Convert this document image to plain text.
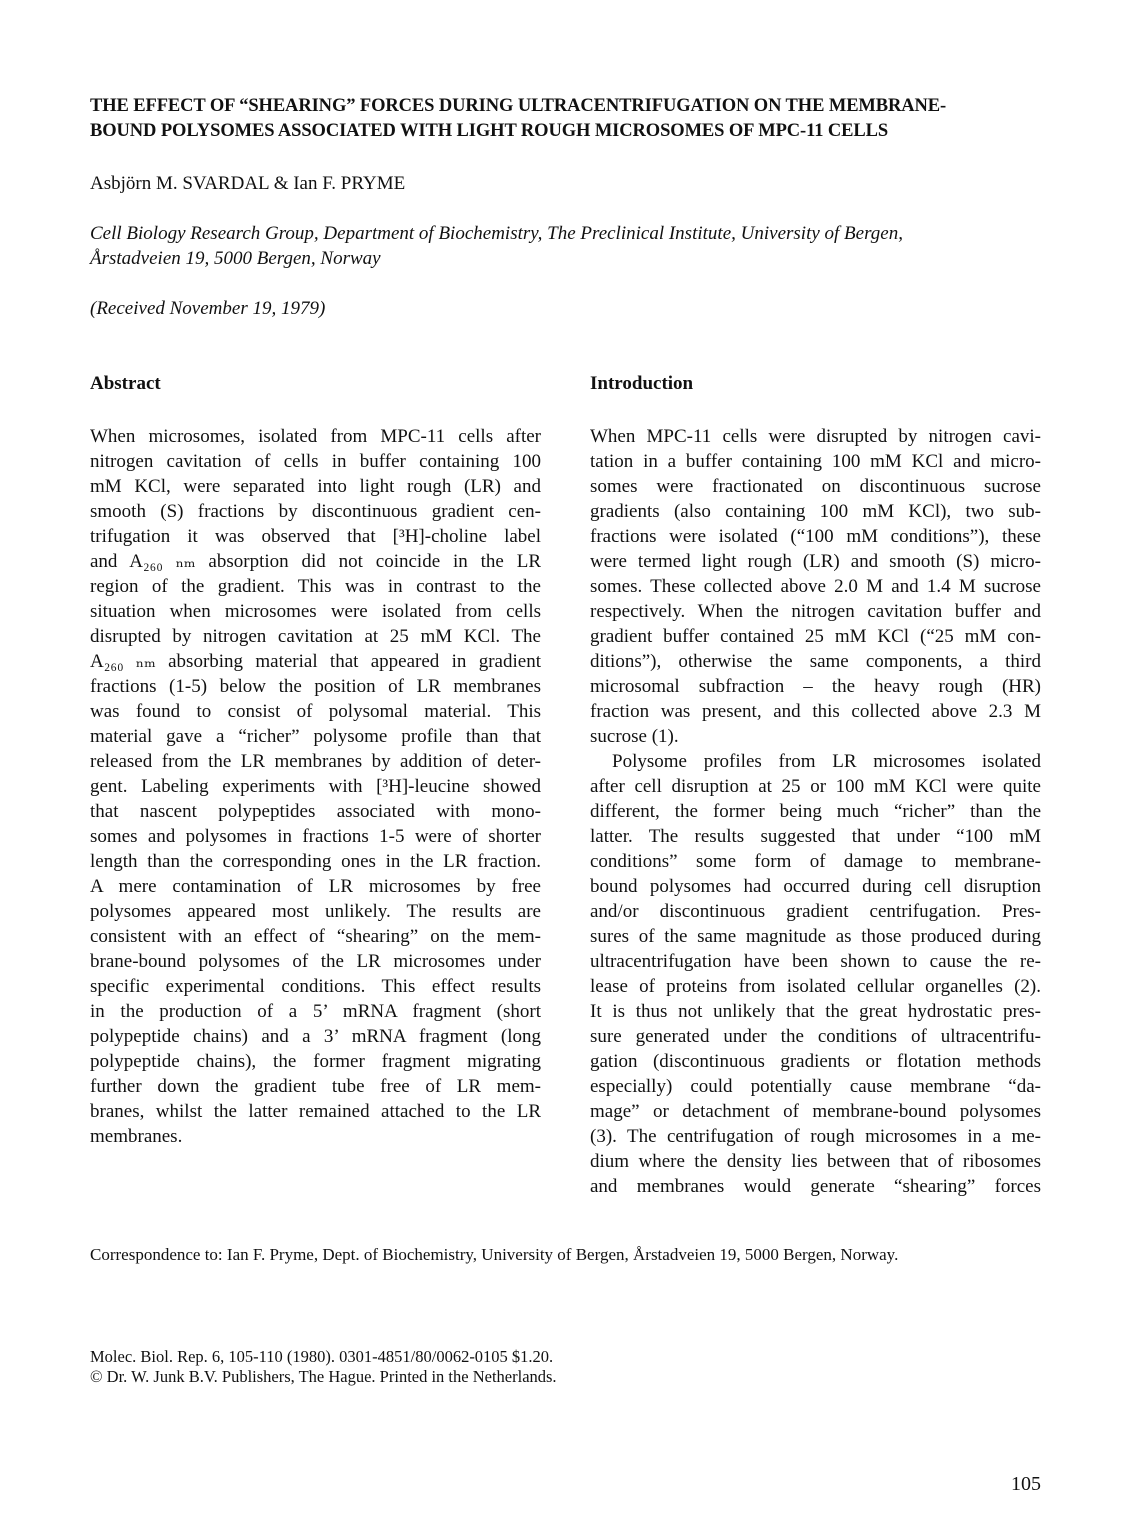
THE EFFECT OF “SHEARING” FORCES DURING ULTRACENTRIFUGATION ON THE MEMBRANE-
BOUND POLYSOMES ASSOCIATED WITH LIGHT ROUGH MICROSOMES OF MPC-11 CELLS

Asbjörn M. SVARDAL & Ian F. PRYME

Cell Biology Research Group, Department of Biochemistry, The Preclinical Institute, University of Bergen,
Årstadveien 19, 5000 Bergen, Norway
(Received November 19, 1979)
Abstract	Introduction
When microsomes, isolated from MPC-11 cells after
nitrogen cavitation of cells in buffer containing 100
mM KCl, were separated into light rough (LR) and
smooth (S) fractions by discontinuous gradient cen-
trifugation it was observed that [³H]-choline label
and A₂₆₀ ₙₘ absorption did not coincide in the LR
region of the gradient. This was in contrast to the
situation when microsomes were isolated from cells
disrupted by nitrogen cavitation at 25 mM KCl. The
A₂₆₀ ₙₘ absorbing material that appeared in gradient
fractions (1-5) below the position of LR membranes
was found to consist of polysomal material. This
material gave a “richer” polysome profile than that
released from the LR membranes by addition of deter-
gent. Labeling experiments with [³H]-leucine showed
that nascent polypeptides associated with mono-
somes and polysomes in fractions 1-5 were of shorter
length than the corresponding ones in the LR fraction.
A mere contamination of LR microsomes by free
polysomes appeared most unlikely. The results are
consistent with an effect of “shearing” on the mem-
brane-bound polysomes of the LR microsomes under
specific experimental conditions. This effect results
in the production of a 5’ mRNA fragment (short
polypeptide chains) and a 3’ mRNA fragment (long
polypeptide chains), the former fragment migrating
further down the gradient tube free of LR mem-
branes, whilst the latter remained attached to the LR
membranes.
When MPC-11 cells were disrupted by nitrogen cavi-
tation in a buffer containing 100 mM KCl and micro-
somes were fractionated on discontinuous sucrose
gradients (also containing 100 mM KCl), two sub-
fractions were isolated (“100 mM conditions”), these
were termed light rough (LR) and smooth (S) micro-
somes. These collected above 2.0 M and 1.4 M sucrose
respectively. When the nitrogen cavitation buffer and
gradient buffer contained 25 mM KCl (“25 mM con-
ditions”), otherwise the same components, a third
microsomal subfraction – the heavy rough (HR)
fraction was present, and this collected above 2.3 M
sucrose (1).
Polysome profiles from LR microsomes isolated
after cell disruption at 25 or 100 mM KCl were quite
different, the former being much “richer” than the
latter. The results suggested that under “100 mM
conditions” some form of damage to membrane-
bound polysomes had occurred during cell disruption
and/or discontinuous gradient centrifugation. Pres-
sures of the same magnitude as those produced during
ultracentrifugation have been shown to cause the re-
lease of proteins from isolated cellular organelles (2).
It is thus not unlikely that the great hydrostatic pres-
sure generated under the conditions of ultracentrifu-
gation (discontinuous gradients or flotation methods
especially) could potentially cause membrane “da-
mage” or detachment of membrane-bound polysomes
(3). The centrifugation of rough microsomes in a me-
dium where the density lies between that of ribosomes
and membranes would generate “shearing” forces
Correspondence to: Ian F. Pryme, Dept. of Biochemistry, University of Bergen, Årstadveien 19, 5000 Bergen, Norway.
Molec. Biol. Rep. 6, 105-110 (1980). 0301-4851/80/0062-0105 $1.20.
© Dr. W. Junk B.V. Publishers, The Hague. Printed in the Netherlands.
105
